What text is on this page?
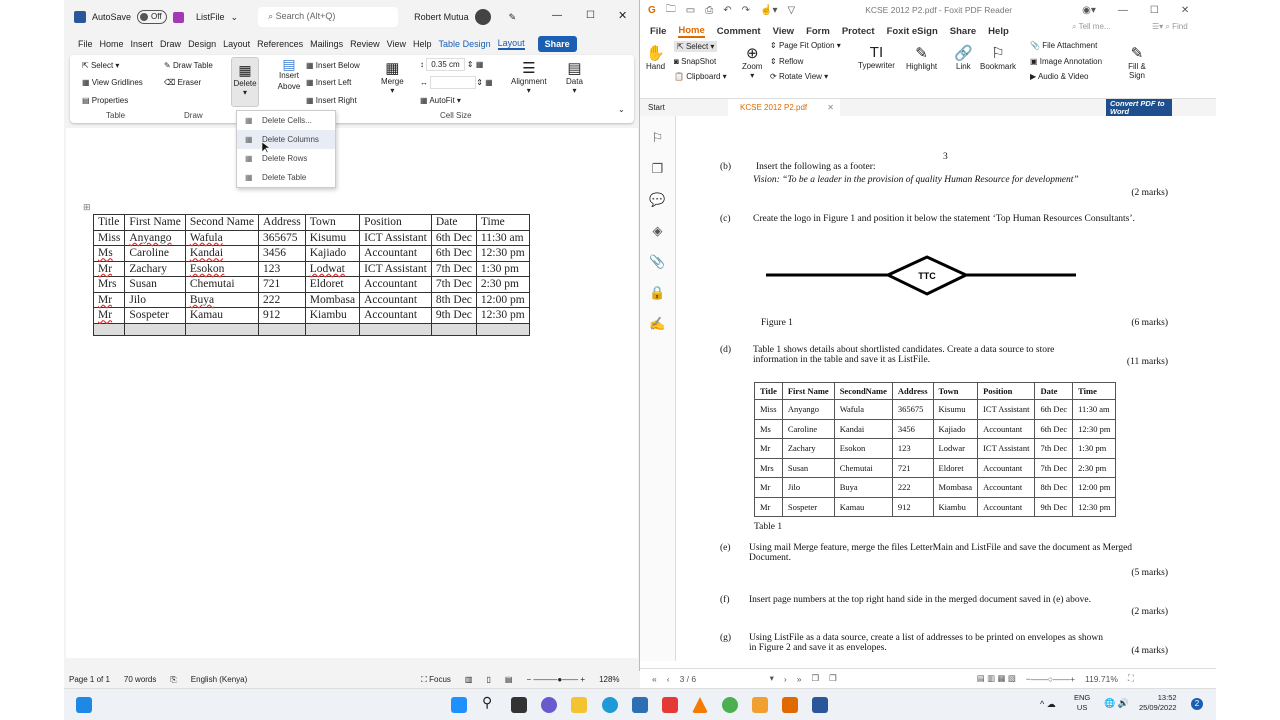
AutoSave	Off	ListFile ⌄	⌕ Search (Alt+Q)	Robert Mutua	✎	— ☐ ✕
File Home Insert Draw Design Layout References Mailings Review View Help Table Design Layout	Share
⇱ Select ▾
▦ View Gridlines
▤ Properties
Table
✎ Draw Table
⌫ Eraser
Draw
▦
Delete
▾
▤
Insert Above
▦ Insert Below
▦ Insert Left
▦ Insert Right
▦
Merge
▾
↕ 0.35 cm ⇕ ▦
↔	⇕ ▦
▦ AutoFit ▾
Cell Size
☰
Alignment
▾
▤
Data
▾
⌄
⊞
Title	First Name	Second Name	Address	Town	Position	Date	Time
Miss	Anyango	Wafula	365675	Kisumu	ICT Assistant	6th Dec	11:30 am
Ms	Caroline	Kandai	3456	Kajiado	Accountant	6th Dec	12:30 pm
Mr	Zachary	Esokon	123	Lodwat	ICT Assistant	7th Dec	1:30 pm
Mrs	Susan	Chemutai	721	Eldoret	Accountant	7th Dec	2:30 pm
Mr	Jilo	Buya	222	Mombasa	Accountant	8th Dec	12:00 pm
Mr	Sospeter	Kamau	912	Kiambu	Accountant	9th Dec	12:30 pm

▦ Delete Cells...
▦ Delete Columns
▦ Delete Rows
▦ Delete Table
Page 1 of 1 70 words ⎘ English (Kenya)	⛶ Focus ▥ ▯ ▤ − ———●—— + 128%
G 🗀 ▭ ⎙ ↶ ↷ ☝▾ ▽	KCSE 2012 P2.pdf - Foxit PDF Reader	◉▾ — ☐ ✕
File Home Comment View Form Protect Foxit eSign Share Help	⌕ Tell me...	☰▾ ⌕ Find
✋
Hand
⇱ Select ▾
◙ SnapShot
📋 Clipboard ▾
⊕
Zoom
▾
⇕ Page Fit Option ▾
⇕ Reflow
⟳ Rotate View ▾
TI
Typewriter
✎
Highlight
🔗
Link
⚐
Bookmark
📎 File Attachment
▣ Image Annotation
▶ Audio & Video
✎
Fill & Sign
Start	KCSE 2012 P2.pdf	✕	Convert PDF to Word
⚐
❐
💬
◈
📎
🔒
✍
3
(b)	Insert the following as a footer:
Vision: “To be a leader in the provision of quality Human Resource for development”
(2 marks)
(c) Create the logo in Figure 1 and position it below the statement ‘Top Human Resources Consultants’.
TTC
Figure 1	(6 marks)
(d) Table 1 shows details about shortlisted candidates. Create a data source to store information in the table and save it as ListFile.	(11 marks)
Title	First Name	SecondName	Address	Town	Position	Date	Time
Miss	Anyango	Wafula	365675	Kisumu	ICT Assistant	6th Dec	11:30 am
Ms	Caroline	Kandai	3456	Kajiado	Accountant	6th Dec	12:30 pm
Mr	Zachary	Esokon	123	Lodwar	ICT Assistant	7th Dec	1:30 pm
Mrs	Susan	Chemutai	721	Eldoret	Accountant	7th Dec	2:30 pm
Mr	Jilo	Buya	222	Mombasa	Accountant	8th Dec	12:00 pm
Mr	Sospeter	Kamau	912	Kiambu	Accountant	9th Dec	12:30 pm
Table 1
(e) Using mail Merge feature, merge the files LetterMain and ListFile and save the document as Merged Document.
(5 marks)
(f) Insert page numbers at the top right hand side in the merged document saved in (e) above.
(2 marks)
(g) Using ListFile as a data source, create a list of addresses to be printed on envelopes as shown in Figure 2 and save it as envelopes.	(4 marks)
« ‹ 3 / 6	▾ › » ❐ ❐	▤ ▥ ▦ ▧ −——○——+ 119.71% ⛶
⚲	^ ☁
ENG
US	🌐 🔊
13:52
25/09/2022	2
